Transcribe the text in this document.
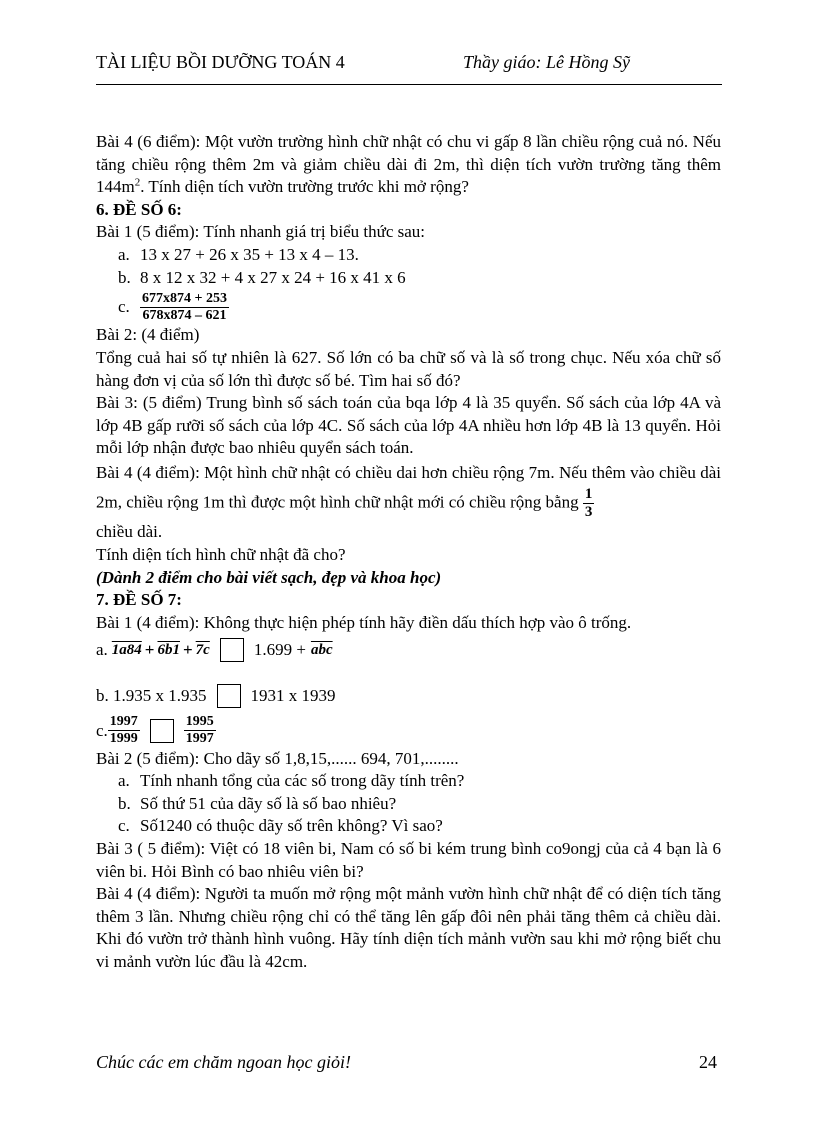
TÀI LIỆU BỒI DƯỠNG TOÁN 4	Thầy giáo: Lê Hồng Sỹ

Bài 4 (6 điểm): Một vườn trường hình chữ nhật có chu vi gấp 8 lần chiều rộng cuả nó. Nếu tăng chiều rộng thêm 2m và giảm chiều dài đi 2m, thì diện tích vườn trường tăng thêm $144m^2$. Tính diện tích vườn trường trước khi mở rộng?

6. ĐỀ SỐ 6:

Bài 1 (5 điểm): Tính nhanh giá trị biểu thức sau:

a. 13 x 27 + 26 x 35 + 13 x 4 – 13.
b. 8 x 12 x 32 + 4 x 27 x 24 + 16 x 41 x 6
c. $\frac{677x874 + 253}{678x874 - 621}$

Bài 2: (4 điểm)

Tổng cuả hai số tự nhiên là 627. Số lớn có ba chữ số và là số trong chục. Nếu xóa chữ số hàng đơn vị của số lớn thì được số bé. Tìm hai số đó?

Bài 3: (5 điểm) Trung bình số sách toán của bqa lớp 4 là 35 quyển. Số sách của lớp 4A và lớp 4B gấp rưỡi số sách của lớp 4C. Số sách của lớp 4A nhiều hơn lớp 4B là 13 quyển. Hỏi mỗi lớp nhận được bao nhiêu quyển sách toán.

Bài 4 (4 điểm): Một hình chữ nhật có chiều dai hơn chiều rộng 7m. Nếu thêm vào chiều dài 2m, chiều rộng 1m thì được một hình chữ nhật mới có chiều rộng bằng $\frac{1}{3}$

chiều dài.

Tính diện tích hình chữ nhật đã cho?

(Dành 2 điểm cho bài viết sạch, đẹp và khoa học)

7. ĐỀ SỐ 7:

Bài 1 (4 điểm): Không thực hiện phép tính hãy điền dấu thích hợp vào ô trống.

a. 1a84 + 6b1 + 7c	$1.699 + \overline{abc}$
b. 1.935 x 1.935	1931 x 1939
c. $\frac{1997}{1999}$	$\frac{1995}{1997}$

Bài 2 (5 điểm): Cho dãy số 1,8,15,...... 694, 701,........

a. Tính nhanh tổng của các số trong dãy tính trên?
b. Số thứ 51 của dãy số là số bao nhiêu?
c. Số1240 có thuộc dãy số trên không? Vì sao?

Bài 3 ( 5 điểm): Việt có 18 viên bi, Nam có số bi kém trung bình co9ongj của cả 4 bạn là 6 viên bi. Hỏi Bình có bao nhiêu viên bi?

Bài 4 (4 điểm): Người ta muốn mở rộng một mảnh vườn hình chữ nhật để có diện tích tăng thêm 3 lần. Nhưng chiều rộng chỉ có thể tăng lên gấp đôi nên phải tăng thêm cả chiều dài. Khi đó vườn trở thành hình vuông. Hãy tính diện tích mảnh vườn sau khi mở rộng biết chu vi mảnh vườn lúc đầu là 42cm.

Chúc các em chăm ngoan học giỏi!	24
